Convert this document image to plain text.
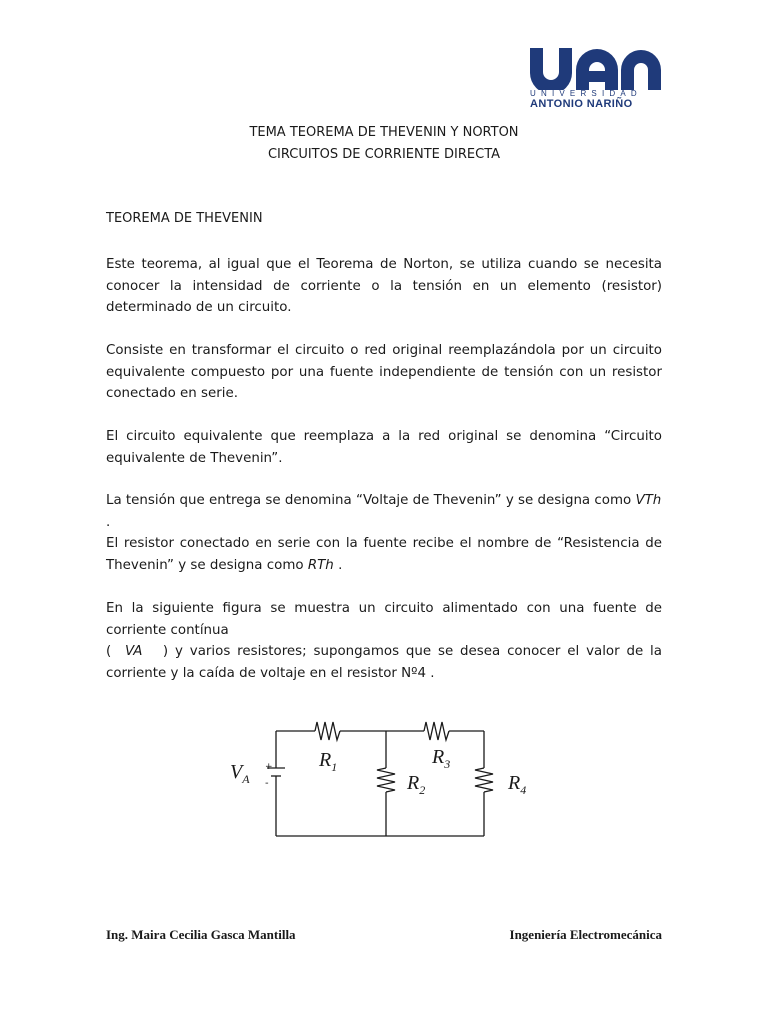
UNIVERSIDAD
ANTONIO NARIÑO
TEMA TEOREMA DE THEVENIN Y NORTON
CIRCUITOS DE CORRIENTE DIRECTA
TEOREMA DE THEVENIN
Este teorema, al igual que el Teorema de Norton, se utiliza cuando se necesita conocer la intensidad de corriente o la tensión en un elemento (resistor) determinado de un circuito.
Consiste en transformar el circuito o red original reemplazándola por un circuito equivalente compuesto por una fuente independiente de tensión con un resistor conectado en serie.
El circuito equivalente que reemplaza a la red original se denomina “Circuito equivalente de Thevenin”.
La tensión que entrega se denomina “Voltaje de Thevenin” y se designa como VTh
.
El resistor conectado en serie con la fuente recibe el nombre de “Resistencia de Thevenin” y se designa como RTh .
En la siguiente figura se muestra un circuito alimentado con una fuente de corriente contínua
( VA ) y varios resistores; supongamos que se desea conocer el valor de la corriente y la caída de voltaje en el resistor Nº4 .
$V_A$
$R_1$	$R_3$
$R_2$	$R_4$
+
-
Ing. Maira Cecilia Gasca Mantilla	Ingeniería Electromecánica
